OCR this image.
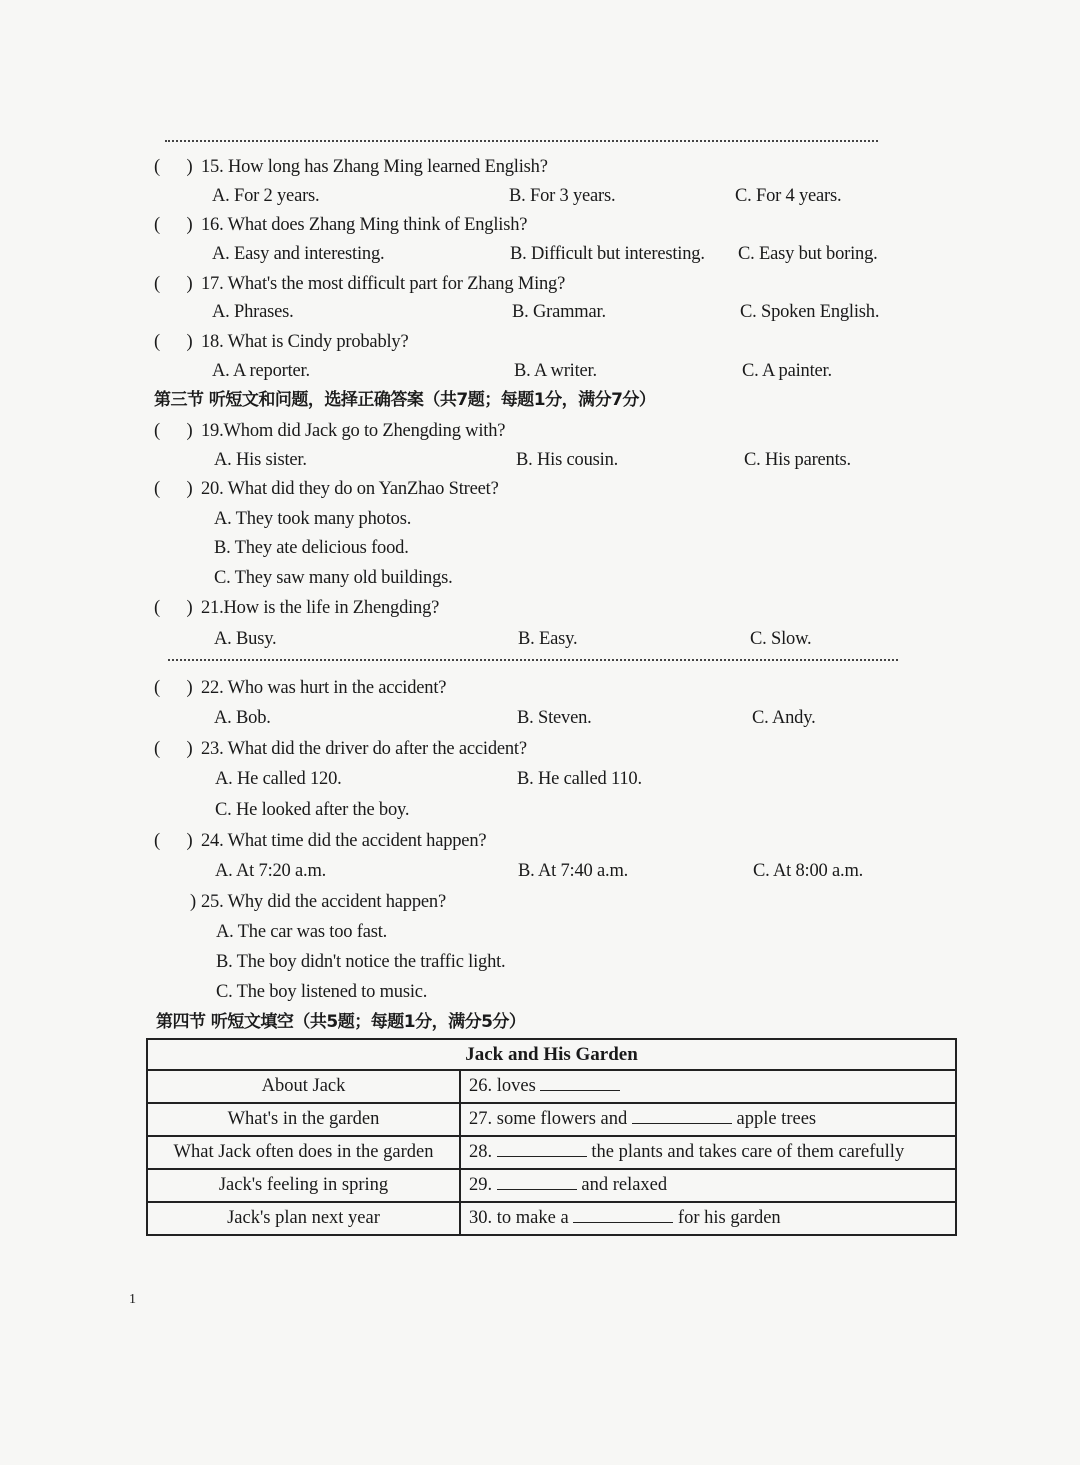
(      ) 15. How long has Zhang Ming learned English?
A. For 2 years.	B. For 3 years.	C. For 4 years.
(      ) 16. What does Zhang Ming think of English?
A. Easy and interesting.	B. Difficult but interesting. C. Easy but boring.
(      ) 17. What's the most difficult part for Zhang Ming?
A. Phrases.	B. Grammar.	C. Spoken English.
(      ) 18. What is Cindy probably?
A. A reporter.	B. A writer.	C. A painter.
(      ) 19.Whom did Jack go to Zhengding with?
A. His sister.	B. His cousin.	C. His parents.
(      ) 20. What did they do on YanZhao Street?
A. They took many photos.
B. They ate delicious food.
C. They saw many old buildings.
(      ) 21.How is the life in Zhengding?
A. Busy.	B. Easy.	C. Slow.
(      ) 22. Who was hurt in the accident?
A. Bob.	B. Steven.	C. Andy.
(      ) 23. What did the driver do after the accident?
A. He called 120.	B. He called 110.
C. He looked after the boy.
(      ) 24. What time did the accident happen?
A. At 7:20 a.m.	B. At 7:40 a.m.	C. At 8:00 a.m.
) 25. Why did the accident happen?
A. The car was too fast.
B. The boy didn't notice the traffic light.
C. The boy listened to music.
第三节 听短文和问题，选择正确答案（共7题；每题1分，满分7分）
第四节 听短文填空（共5题；每题1分，满分5分）
Jack and His Garden	
About Jack	26. loves
What's in the garden	27. some flowers and apple trees
What Jack often does in the garden	28. the plants and takes care of them carefully
Jack's feeling in spring	29. and relaxed
Jack's plan next year	30. to make a for his garden
1
